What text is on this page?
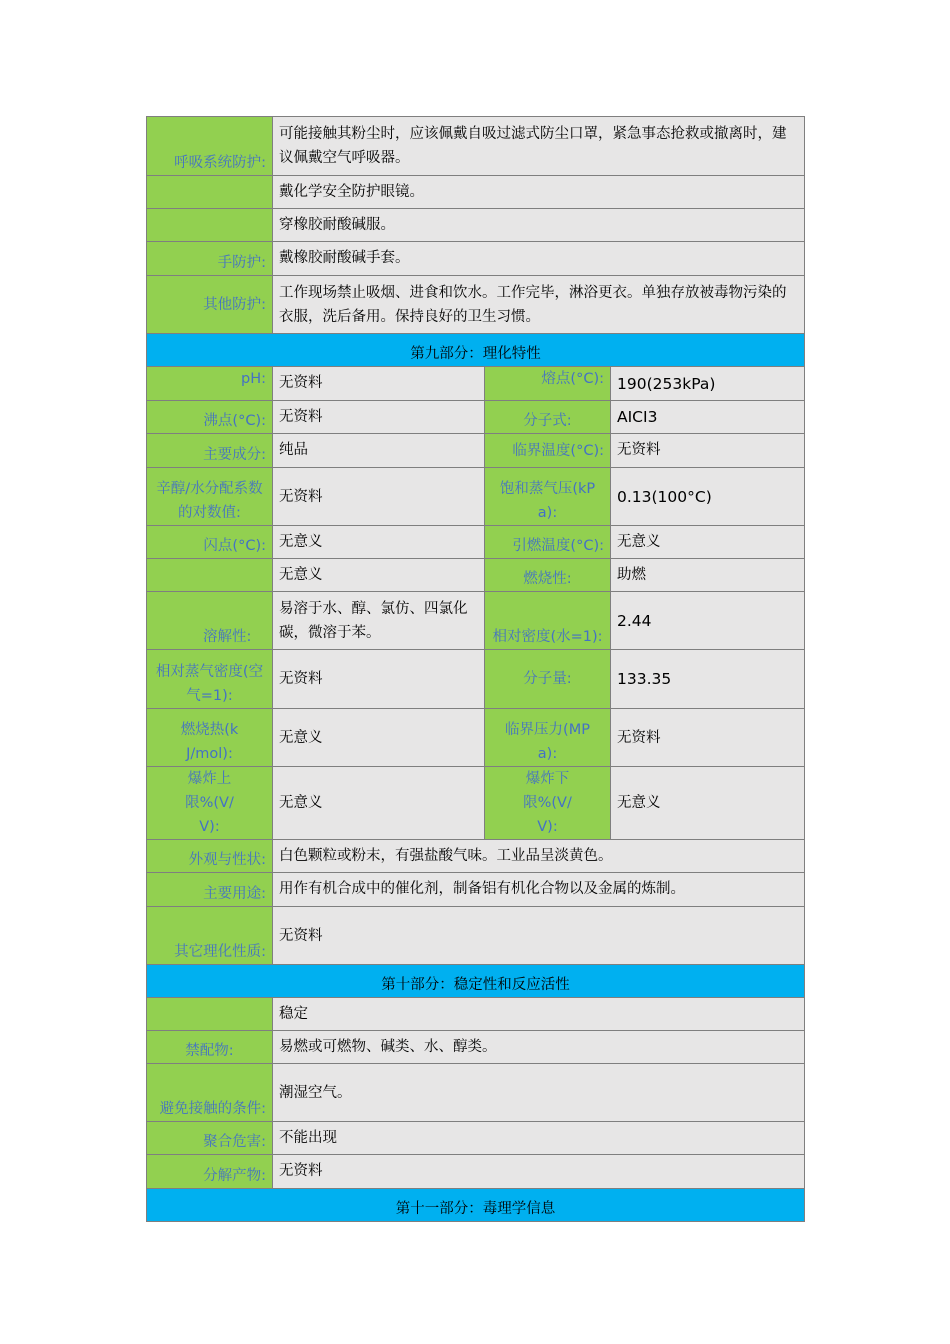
呼吸系统防护:	可能接触其粉尘时，应该佩戴自吸过滤式防尘口罩，紧急事态抢救或撤离时，建议佩戴空气呼吸器。		
	戴化学安全防护眼镜。		
	穿橡胶耐酸碱服。		
手防护:	戴橡胶耐酸碱手套。		
其他防护:	工作现场禁止吸烟、进食和饮水。工作完毕，淋浴更衣。单独存放被毒物污染的衣服，洗后备用。保持良好的卫生习惯。		
第九部分：理化特性			
pH:	无资料	熔点(°C):	190(253kPa)
沸点(°C):	无资料	分子式:	AICI3
主要成分:	纯品	临界温度(°C):	无资料
辛醇/水分配系数的对数值:	无资料	饱和蒸气压(kPa):	0.13(100°C)
闪点(°C):	无意义	引燃温度(°C):	无意义
	无意义	燃烧性:	助燃
溶解性:	易溶于水、醇、氯仿、四氯化碳，微溶于苯。	相对密度(水=1):	2.44
相对蒸气密度(空气=1):	无资料	分子量:	133.35
燃烧热(kJ/mol):	无意义	临界压力(MPa):	无资料
爆炸上限%(V/V):	无意义	爆炸下限%(V/V):	无意义
外观与性状:	白色颗粒或粉末，有强盐酸气味。工业品呈淡黄色。		
主要用途:	用作有机合成中的催化剂，制备铝有机化合物以及金属的炼制。		
其它理化性质:	无资料		
第十部分：稳定性和反应活性			
	稳定		
禁配物:	易燃或可燃物、碱类、水、醇类。		
避免接触的条件:	潮湿空气。		
聚合危害:	不能出现		
分解产物:	无资料		
第十一部分：毒理学信息			
